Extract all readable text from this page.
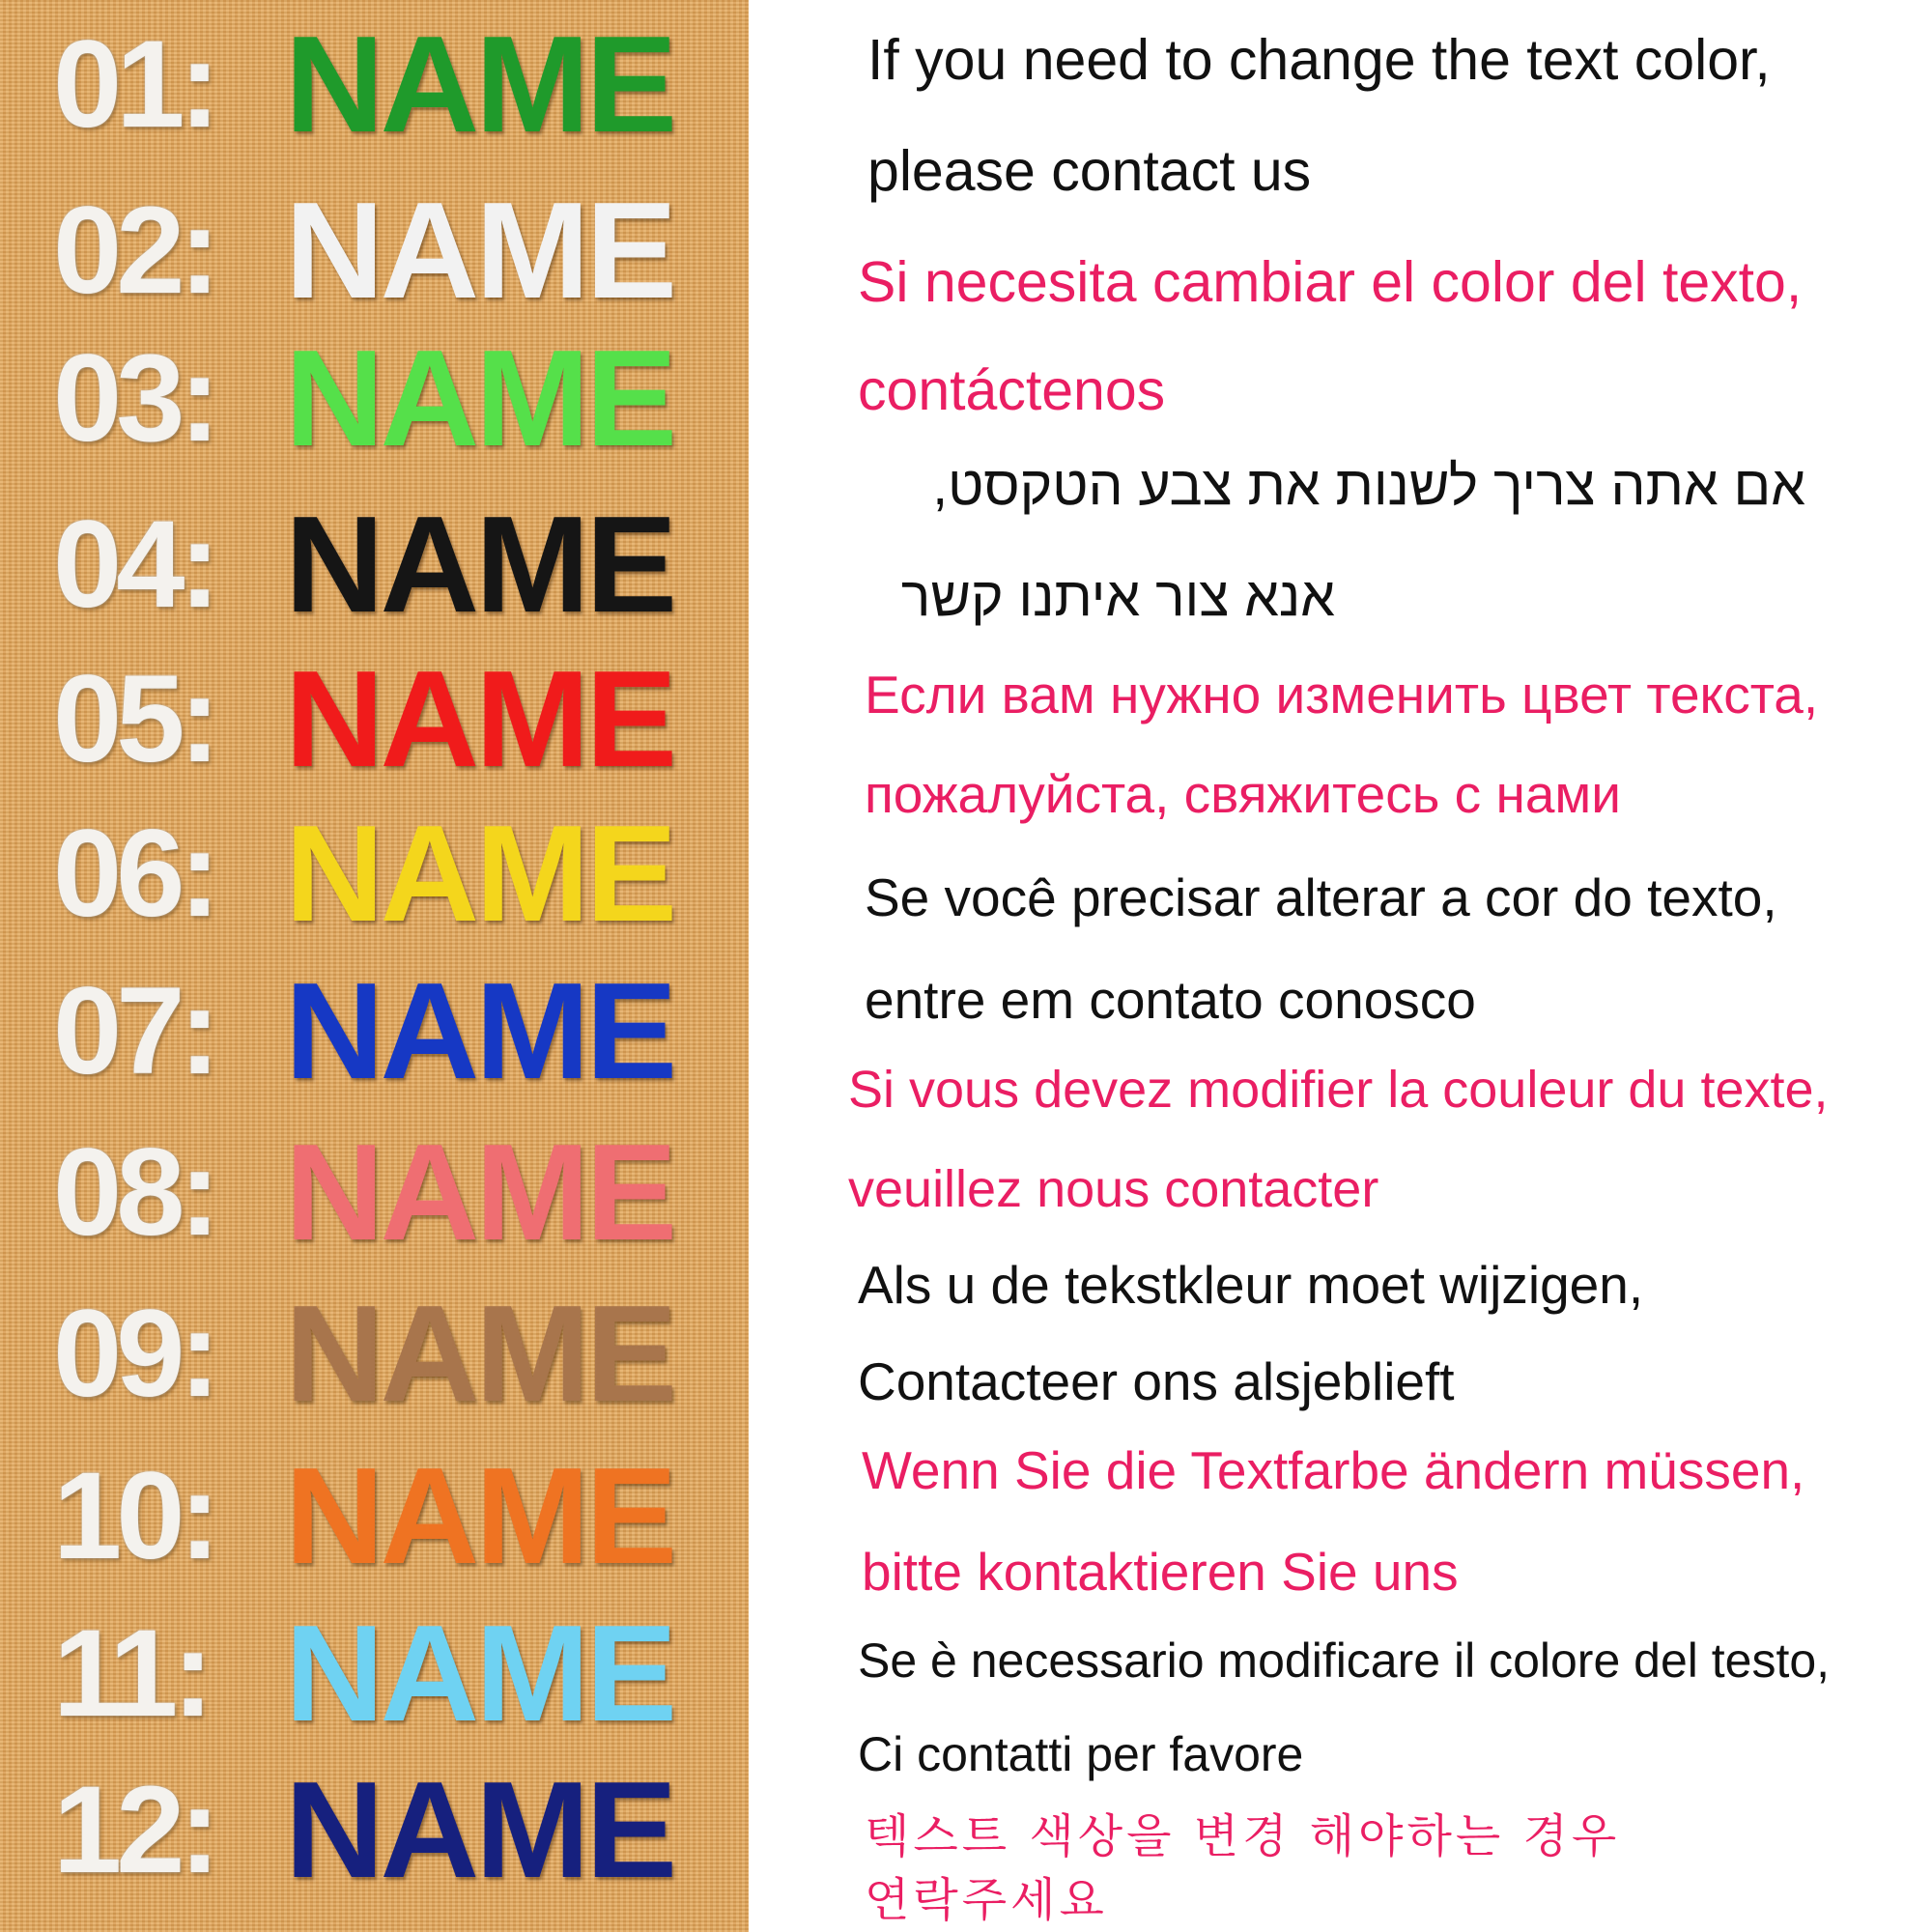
01: NAME
02: NAME
03: NAME
04: NAME
05: NAME
06: NAME
07: NAME
08: NAME
09: NAME
10: NAME
11: NAME
12: NAME
If you need to change the text color,
please contact us
Si necesita cambiar el color del texto,
contáctenos
אם אתה צריך לשנות את צבע הטקסט,
אנא צור איתנו קשר
Если вам нужно изменить цвет текста,
пожалуйста, свяжитесь с нами
Se você precisar alterar a cor do texto,
entre em contato conosco
Si vous devez modifier la couleur du texte,
veuillez nous contacter
Als u de tekstkleur moet wijzigen,
Contacteer ons alsjeblieft
Wenn Sie die Textfarbe ändern müssen,
bitte kontaktieren Sie uns
Se è necessario modificare il colore del testo,
Ci contatti per favore
텍스트 색상을 변경 해야하는 경우
연락주세요
